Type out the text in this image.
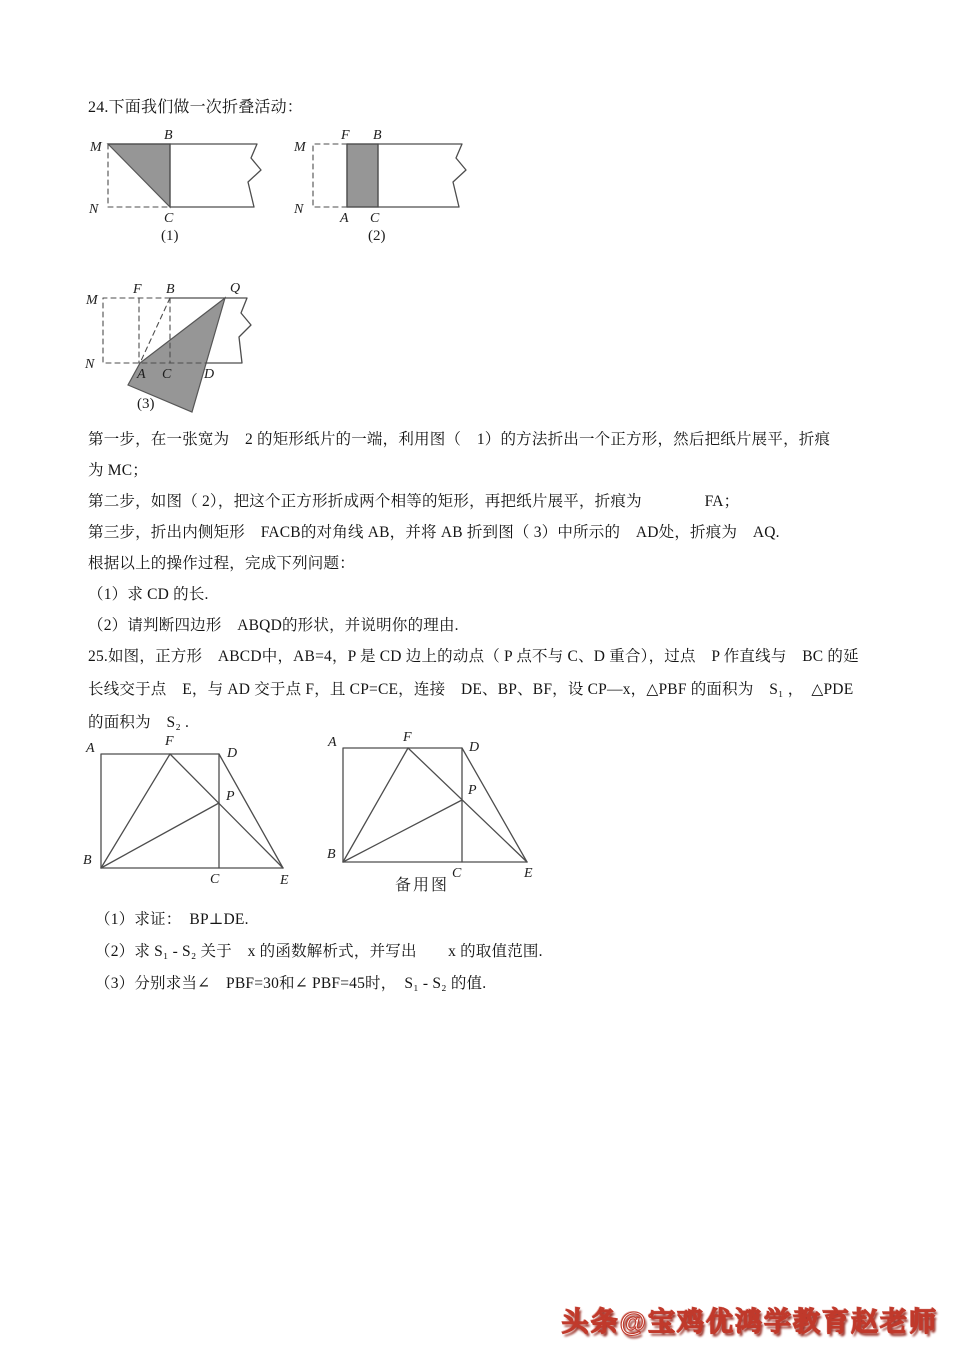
24.下面我们做一次折叠活动：
M
B
N
C
(1)
M
F B
N
A C
(2)
M
F B	Q
N
A C D
(3)
第一步，在一张宽为　2 的矩形纸片的一端，利用图（　1）的方法折出一个正方形，然后把纸片展平，折痕
为 MC；
第二步，如图（ 2），把这个正方形折成两个相等的矩形，再把纸片展平，折痕为　　　　FA；
第三步，折出内侧矩形　FACB的对角线 AB，并将 AB 折到图（ 3）中所示的　AD处，折痕为　AQ.
根据以上的操作过程，完成下列问题：
（1）求 CD 的长.
（2）请判断四边形　ABQD的形状，并说明你的理由.
25.如图，正方形　ABCD中，AB=4，P 是 CD 边上的动点（ P 点不与 C、D 重合），过点　P 作直线与　BC 的延
长线交于点　E，与 AD 交于点 F，且 CP=CE，连接　DE、BP、BF，设 CP—x，△PBF 的面积为　S₁ ，　△PDE
的面积为　S₂ .
A	F
D
P
B
C	E
A	F
D
P
B
C	E
备用图
（1）求证：　BP⊥DE.
（2）求 S₁ - S₂ 关于　x 的函数解析式，并写出　　x 的取值范围.
（3）分别求当∠　PBF=30和∠ PBF=45时，　S₁ - S₂ 的值.
头条@宝鸡优鸿学教育赵老师
